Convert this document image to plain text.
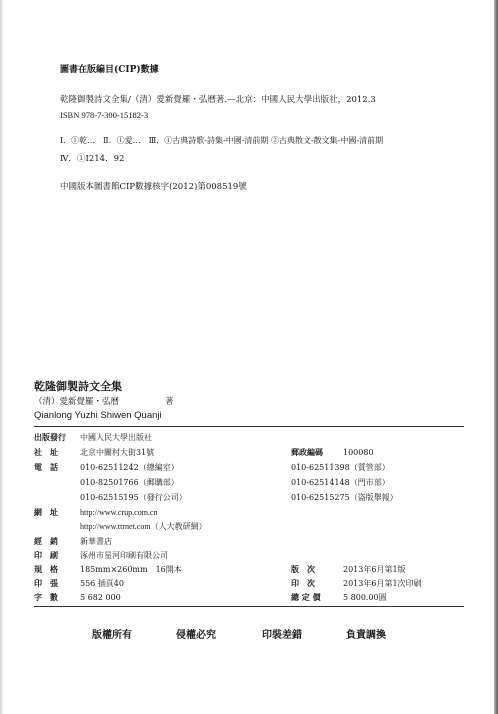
圖書在版編目(CIP)數據
乾隆御製詩文全集/（清）愛新覺羅・弘曆著.—北京：中國人民大學出版社，2012.3
ISBN 978-7-300-15182-3
Ⅰ．①乾…　Ⅱ．①愛…　Ⅲ．①古典詩歌-詩集-中國-清前期 ②古典散文-散文集-中國-清前期
Ⅳ．①I214．92
中國版本圖書館CIP數據核字(2012)第008519號
乾隆御製詩文全集
（清）愛新覺羅・弘曆	著
Qianlong Yuzhi Shiwen Quanji
出版發行 中國人民大學出版社
社　址	北京中關村大街31號	郵政編碼	100080
電　話	010-62511242（總編室）	010-62511398（質管部）
010-82501766（郵購部）	010-62514148（門市部）
010-62515195（發行公司）	010-62515275（盜版舉報）
網　址	http://www.crup.com.cn
http://www.ttrnet.com（人大教研網）
經　銷	新華書店
印　刷	涿州市星河印刷有限公司
規　格	185mm×260mm　16開本	版　次	2013年6月第1版
印　張	556 插頁40	印　次	2013年6月第1次印刷
字　數	5 682 000	總 定 價	5 800.00圓
版權所有	侵權必究	印裝差錯	負責調換
